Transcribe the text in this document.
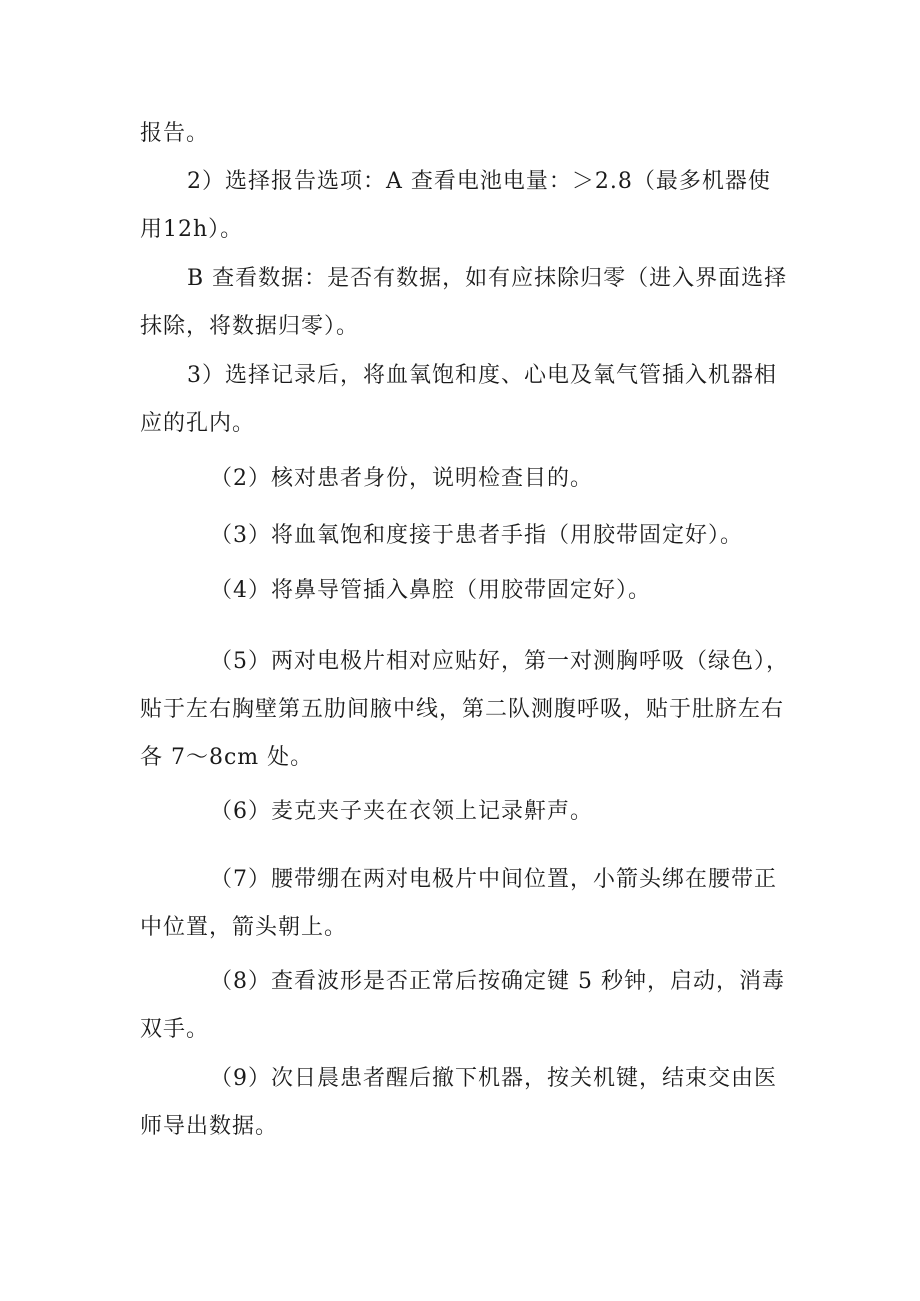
报告。

2）选择报告选项：A 查看电池电量：＞2.8（最多机器使用12h）。

B 查看数据：是否有数据，如有应抹除归零（进入界面选择抹除，将数据归零）。

3）选择记录后，将血氧饱和度、心电及氧气管插入机器相应的孔内。

（2）核对患者身份，说明检查目的。

（3）将血氧饱和度接于患者手指（用胶带固定好）。

（4）将鼻导管插入鼻腔（用胶带固定好）。

（5）两对电极片相对应贴好，第一对测胸呼吸（绿色），贴于左右胸壁第五肋间腋中线，第二队测腹呼吸，贴于肚脐左右各 7～8cm 处。

（6）麦克夹子夹在衣领上记录鼾声。

（7）腰带绷在两对电极片中间位置，小箭头绑在腰带正中位置，箭头朝上。

（8）查看波形是否正常后按确定键 5 秒钟，启动，消毒双手。

（9）次日晨患者醒后撤下机器，按关机键，结束交由医师导出数据。
